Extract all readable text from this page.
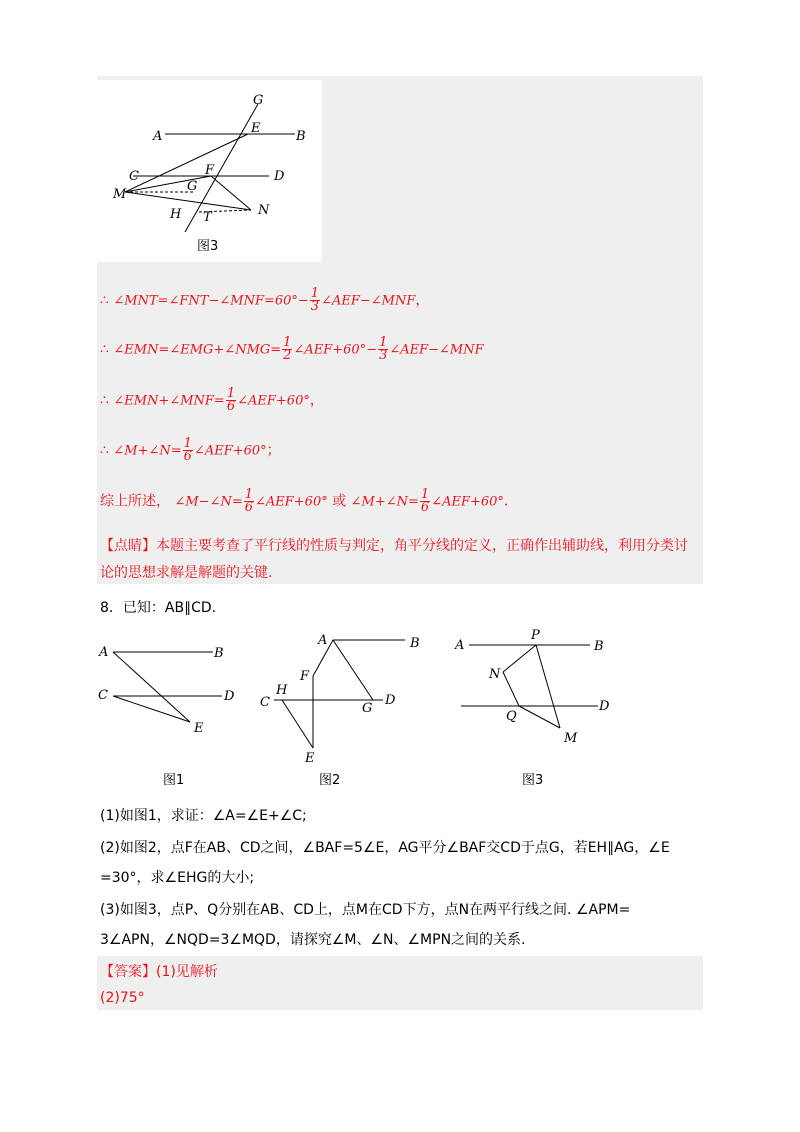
G
E
A	B
C	F	D
M
G
H T	N
图3
∴ ∠MNT=∠FNT−∠MNF=60°− $\frac{1}{3}$ ∠AEF−∠MNF，
∴ ∠EMN=∠EMG+∠NMG= $\frac{1}{2}$ ∠AEF+60°− $\frac{1}{3}$ ∠AEF−∠MNF
∴ ∠EMN+∠MNF= $\frac{1}{6}$ ∠AEF+60°，
∴ ∠M+∠N= $\frac{1}{6}$ ∠AEF+60°；
综上所述， ∠M−∠N= $\frac{1}{6}$ ∠AEF+60° 或 ∠M+∠N= $\frac{1}{6}$ ∠AEF+60°.
【点睛】本题主要考查了平行线的性质与判定，角平分线的定义，正确作出辅助线，利用分类讨
论的思想求解是解题的关键.
8．已知：AB∥CD.
A	B
C	D
E
A	B
F
H
C	G
D
E
A
P
B
N
Q
D
M
图1	图2	图3
(1)如图1，求证：∠A=∠E+∠C;
(2)如图2，点F在AB、CD之间，∠BAF=5∠E，AG平分∠BAF交CD于点G，若EH∥AG，∠E
=30°，求∠EHG的大小;
(3)如图3，点P、Q分别在AB、CD上，点M在CD下方，点N在两平行线之间. ∠APM=
3∠APN，∠NQD=3∠MQD，请探究∠M、∠N、∠MPN之间的关系.
【答案】(1)见解析
(2)75°
